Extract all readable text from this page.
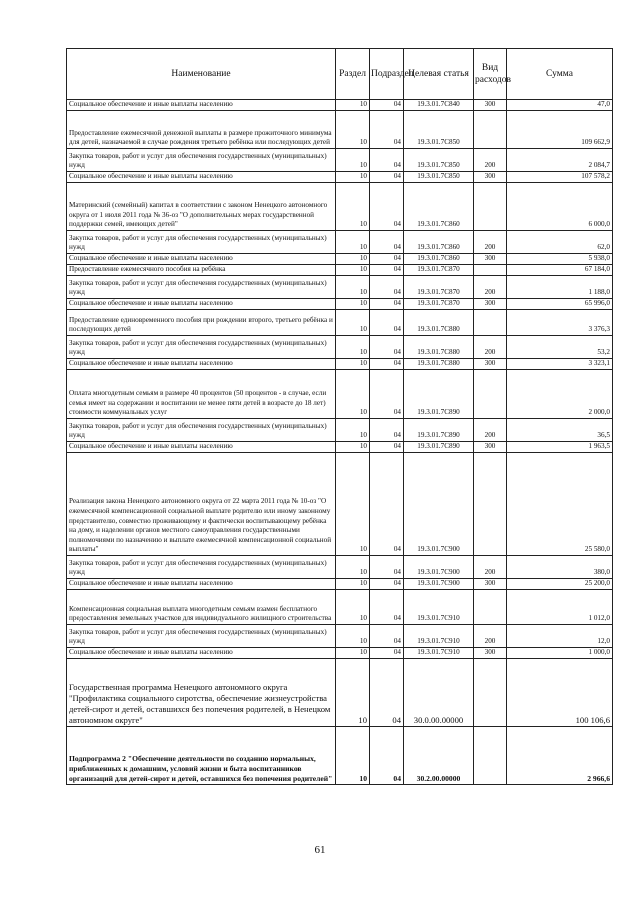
Наименование	Раздел	Подраздел	Целевая статья	Вид расходов	Сумма
Социальное обеспечение и иные выплаты населению	10	04	19.3.01.7C840	300	47,0
Предоставление ежемесячной денежной выплаты в размере прожиточного минимума для детей, назначаемой в случае рождения третьего ребёнка или последующих детей	10	04	19.3.01.7C850		109 662,9
Закупка товаров, работ и услуг для обеспечения государственных (муниципальных) нужд	10	04	19.3.01.7C850	200	2 084,7
Социальное обеспечение и иные выплаты населению	10	04	19.3.01.7C850	300	107 578,2
Материнский (семейный) капитал в соответствии с законом Ненецкого автономного округа от 1 июля 2011 года № 36-оз "О дополнительных мерах государственной поддержки семей, имеющих детей"	10	04	19.3.01.7C860		6 000,0
Закупка товаров, работ и услуг для обеспечения государственных (муниципальных) нужд	10	04	19.3.01.7C860	200	62,0
Социальное обеспечение и иные выплаты населению	10	04	19.3.01.7C860	300	5 938,0
Предоставление ежемесячного пособия на ребёнка	10	04	19.3.01.7C870		67 184,0
Закупка товаров, работ и услуг для обеспечения государственных (муниципальных) нужд	10	04	19.3.01.7C870	200	1 188,0
Социальное обеспечение и иные выплаты населению	10	04	19.3.01.7C870	300	65 996,0
Предоставление единовременного пособия при рождении второго, третьего ребёнка и последующих детей	10	04	19.3.01.7C880		3 376,3
Закупка товаров, работ и услуг для обеспечения государственных (муниципальных) нужд	10	04	19.3.01.7C880	200	53,2
Социальное обеспечение и иные выплаты населению	10	04	19.3.01.7C880	300	3 323,1
Оплата многодетным семьям в размере 40 процентов (50 процентов - в случае, если семья имеет на содержании и воспитании не менее пяти детей в возрасте до 18 лет) стоимости коммунальных услуг	10	04	19.3.01.7C890		2 000,0
Закупка товаров, работ и услуг для обеспечения государственных (муниципальных) нужд	10	04	19.3.01.7C890	200	36,5
Социальное обеспечение и иные выплаты населению	10	04	19.3.01.7C890	300	1 963,5
Реализация закона Ненецкого автономного округа от 22 марта 2011 года № 10-оз "О ежемесячной компенсационной социальной выплате родителю или иному законному представителю, совместно проживающему и фактически воспитывающему ребёнка на дому, и наделении органов местного самоуправления государственными полномочиями по назначению и выплате ежемесячной компенсационной социальной выплаты"	10	04	19.3.01.7C900		25 580,0
Закупка товаров, работ и услуг для обеспечения государственных (муниципальных) нужд	10	04	19.3.01.7C900	200	380,0
Социальное обеспечение и иные выплаты населению	10	04	19.3.01.7C900	300	25 200,0
Компенсационная социальная выплата многодетным семьям взамен бесплатного предоставления земельных участков для индивидуального жилищного строительства	10	04	19.3.01.7C910		1 012,0
Закупка товаров, работ и услуг для обеспечения государственных (муниципальных) нужд	10	04	19.3.01.7C910	200	12,0
Социальное обеспечение и иные выплаты населению	10	04	19.3.01.7C910	300	1 000,0
Государственная программа Ненецкого автономного округа "Профилактика социального сиротства, обеспечение жизнеустройства детей-сирот и детей, оставшихся без попечения родителей, в Ненецком автономном округе"	10	04	30.0.00.00000		100 106,6
Подпрограмма 2 "Обеспечение деятельности по созданию нормальных, приближенных к домашним, условий жизни и быта воспитанников организаций для детей-сирот и детей, оставшихся без попечения родителей"	10	04	30.2.00.00000		2 966,6
61
